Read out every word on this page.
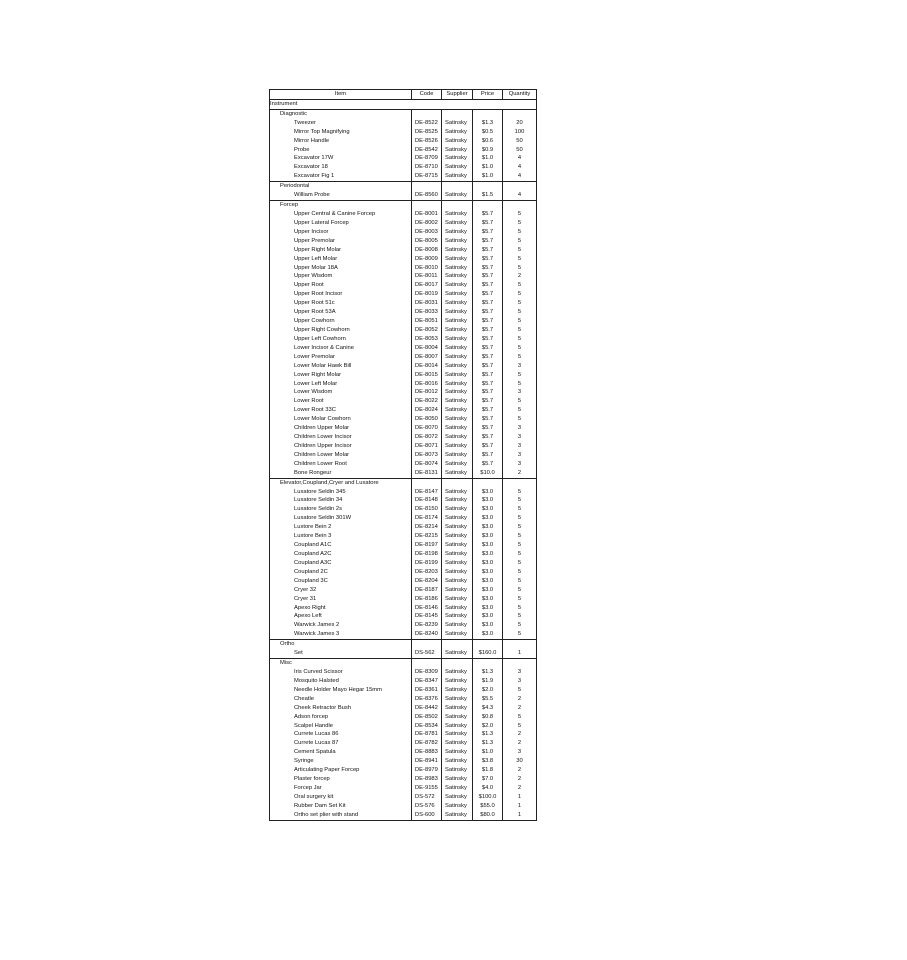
Item	Code	Supplier	Price	Quantity
Instrument				
Diagnostic				
Tweezer	DE-8522	Satinsky	$1.3	20
Mirror Top Magnifying	DE-8525	Satinsky	$0.5	100
Mirror Handle	DE-8526	Satinsky	$0.6	50
Probe	DE-8542	Satinsky	$0.9	50
Excavator 17W	DE-8709	Satinsky	$1.0	4
Excavator 18	DE-8710	Satinsky	$1.0	4
Excavator Fig 1	DE-8715	Satinsky	$1.0	4
Periodontal				
William Probe	DE-8560	Satinsky	$1.5	4
Forcep				
Upper Central & Canine Forcep	DE-8001	Satinsky	$5.7	5
Upper Lateral Forcep	DE-8002	Satinsky	$5.7	5
Upper Incisor	DE-8003	Satinsky	$5.7	5
Upper Premolar	DE-8005	Satinsky	$5.7	5
Upper Right Molar	DE-8008	Satinsky	$5.7	5
Upper Left Molar	DE-8009	Satinsky	$5.7	5
Upper Molar 18A	DE-8010	Satinsky	$5.7	5
Upper Wisdom	DE-8011	Satinsky	$5.7	2
Upper Root	DE-8017	Satinsky	$5.7	5
Upper Root Incisor	DE-8019	Satinsky	$5.7	5
Upper Root 51c	DE-8031	Satinsky	$5.7	5
Upper Root 53A	DE-8033	Satinsky	$5.7	5
Upper Cowhorn	DE-8051	Satinsky	$5.7	5
Upper Right Cowhorn	DE-8052	Satinsky	$5.7	5
Upper Left Cowhorn	DE-8053	Satinsky	$5.7	5
Lower Incisor & Canine	DE-8004	Satinsky	$5.7	5
Lower Premolar	DE-8007	Satinsky	$5.7	5
Lower Molar Hawk Bill	DE-8014	Satinsky	$5.7	3
Lower Right Molar	DE-8015	Satinsky	$5.7	5
Lower Left Molar	DE-8016	Satinsky	$5.7	5
Lower Wisdom	DE-8012	Satinsky	$5.7	3
Lower Root	DE-8022	Satinsky	$5.7	5
Lower Root 33C	DE-8024	Satinsky	$5.7	5
Lower Molar Cowhorn	DE-8050	Satinsky	$5.7	5
Children Upper Molar	DE-8070	Satinsky	$5.7	3
Children Lower Incisor	DE-8072	Satinsky	$5.7	3
Children Upper Incisor	DE-8071	Satinsky	$5.7	3
Children Lower Molar	DE-8073	Satinsky	$5.7	3
Children Lower Root	DE-8074	Satinsky	$5.7	3
Bone Rongeur	DE-8131	Satinsky	$10.0	2
Elevator,Coupland,Cryer and Luxatore				
Luxatore Seldin 345	DE-8147	Satinsky	$3.0	5
Luxatore Seldin 34	DE-8148	Satinsky	$3.0	5
Luxatore Seldin 2s	DE-8150	Satinsky	$3.0	5
Luxatore Seldin 301W	DE-8174	Satinsky	$3.0	5
Luxtore Bein 2	DE-8214	Satinsky	$3.0	5
Luxtore Bein 3	DE-8215	Satinsky	$3.0	5
Coupland A1C	DE-8197	Satinsky	$3.0	5
Coupland A2C	DE-8198	Satinsky	$3.0	5
Coupland A3C	DE-8199	Satinsky	$3.0	5
Coupland 2C	DE-8203	Satinsky	$3.0	5
Coupland 3C	DE-8204	Satinsky	$3.0	5
Cryer 32	DE-8187	Satinsky	$3.0	5
Cryer 31	DE-8186	Satinsky	$3.0	5
Apexo Right	DE-8146	Satinsky	$3.0	5
Apexo Left	DE-8145	Satinsky	$3.0	5
Warwick James 2	DE-8239	Satinsky	$3.0	5
Warwick James 3	DE-8240	Satinsky	$3.0	5
Ortho				
Set	DS-562	Satinsky	$160.0	1
Misc				
Iris Curved Scissor	DE-8309	Satinsky	$1.3	3
Mosquito Halsted	DE-8347	Satinsky	$1.9	3
Needle Holder Mayo Hegar 15mm	DE-8361	Satinsky	$2.0	5
Cheatle	DE-8376	Satinsky	$5.5	2
Cheek Retractor Bush	DE-8442	Satinsky	$4.3	2
Adson forcep	DE-8502	Satinsky	$0.8	5
Scalpel Handle	DE-8534	Satinsky	$2.0	5
Currete Lucas 86	DE-8781	Satinsky	$1.3	2
Currete Lucas 87	DE-8782	Satinsky	$1.3	2
Cement Spatula	DE-8883	Satinsky	$1.0	3
Syringe	DE-8941	Satinsky	$3.8	30
Articulating Paper Forcep	DE-8979	Satinsky	$1.8	2
Plaster forcep	DE-8983	Satinsky	$7.0	2
Forcep Jar	DE-9155	Satinsky	$4.0	2
Oral surgery kit	DS-572	Satinsky	$100.0	1
Rubber Dam Set Kit	DS-576	Satinsky	$55.0	1
Ortho set plier with stand	DS-600	Satinsky	$80.0	1
